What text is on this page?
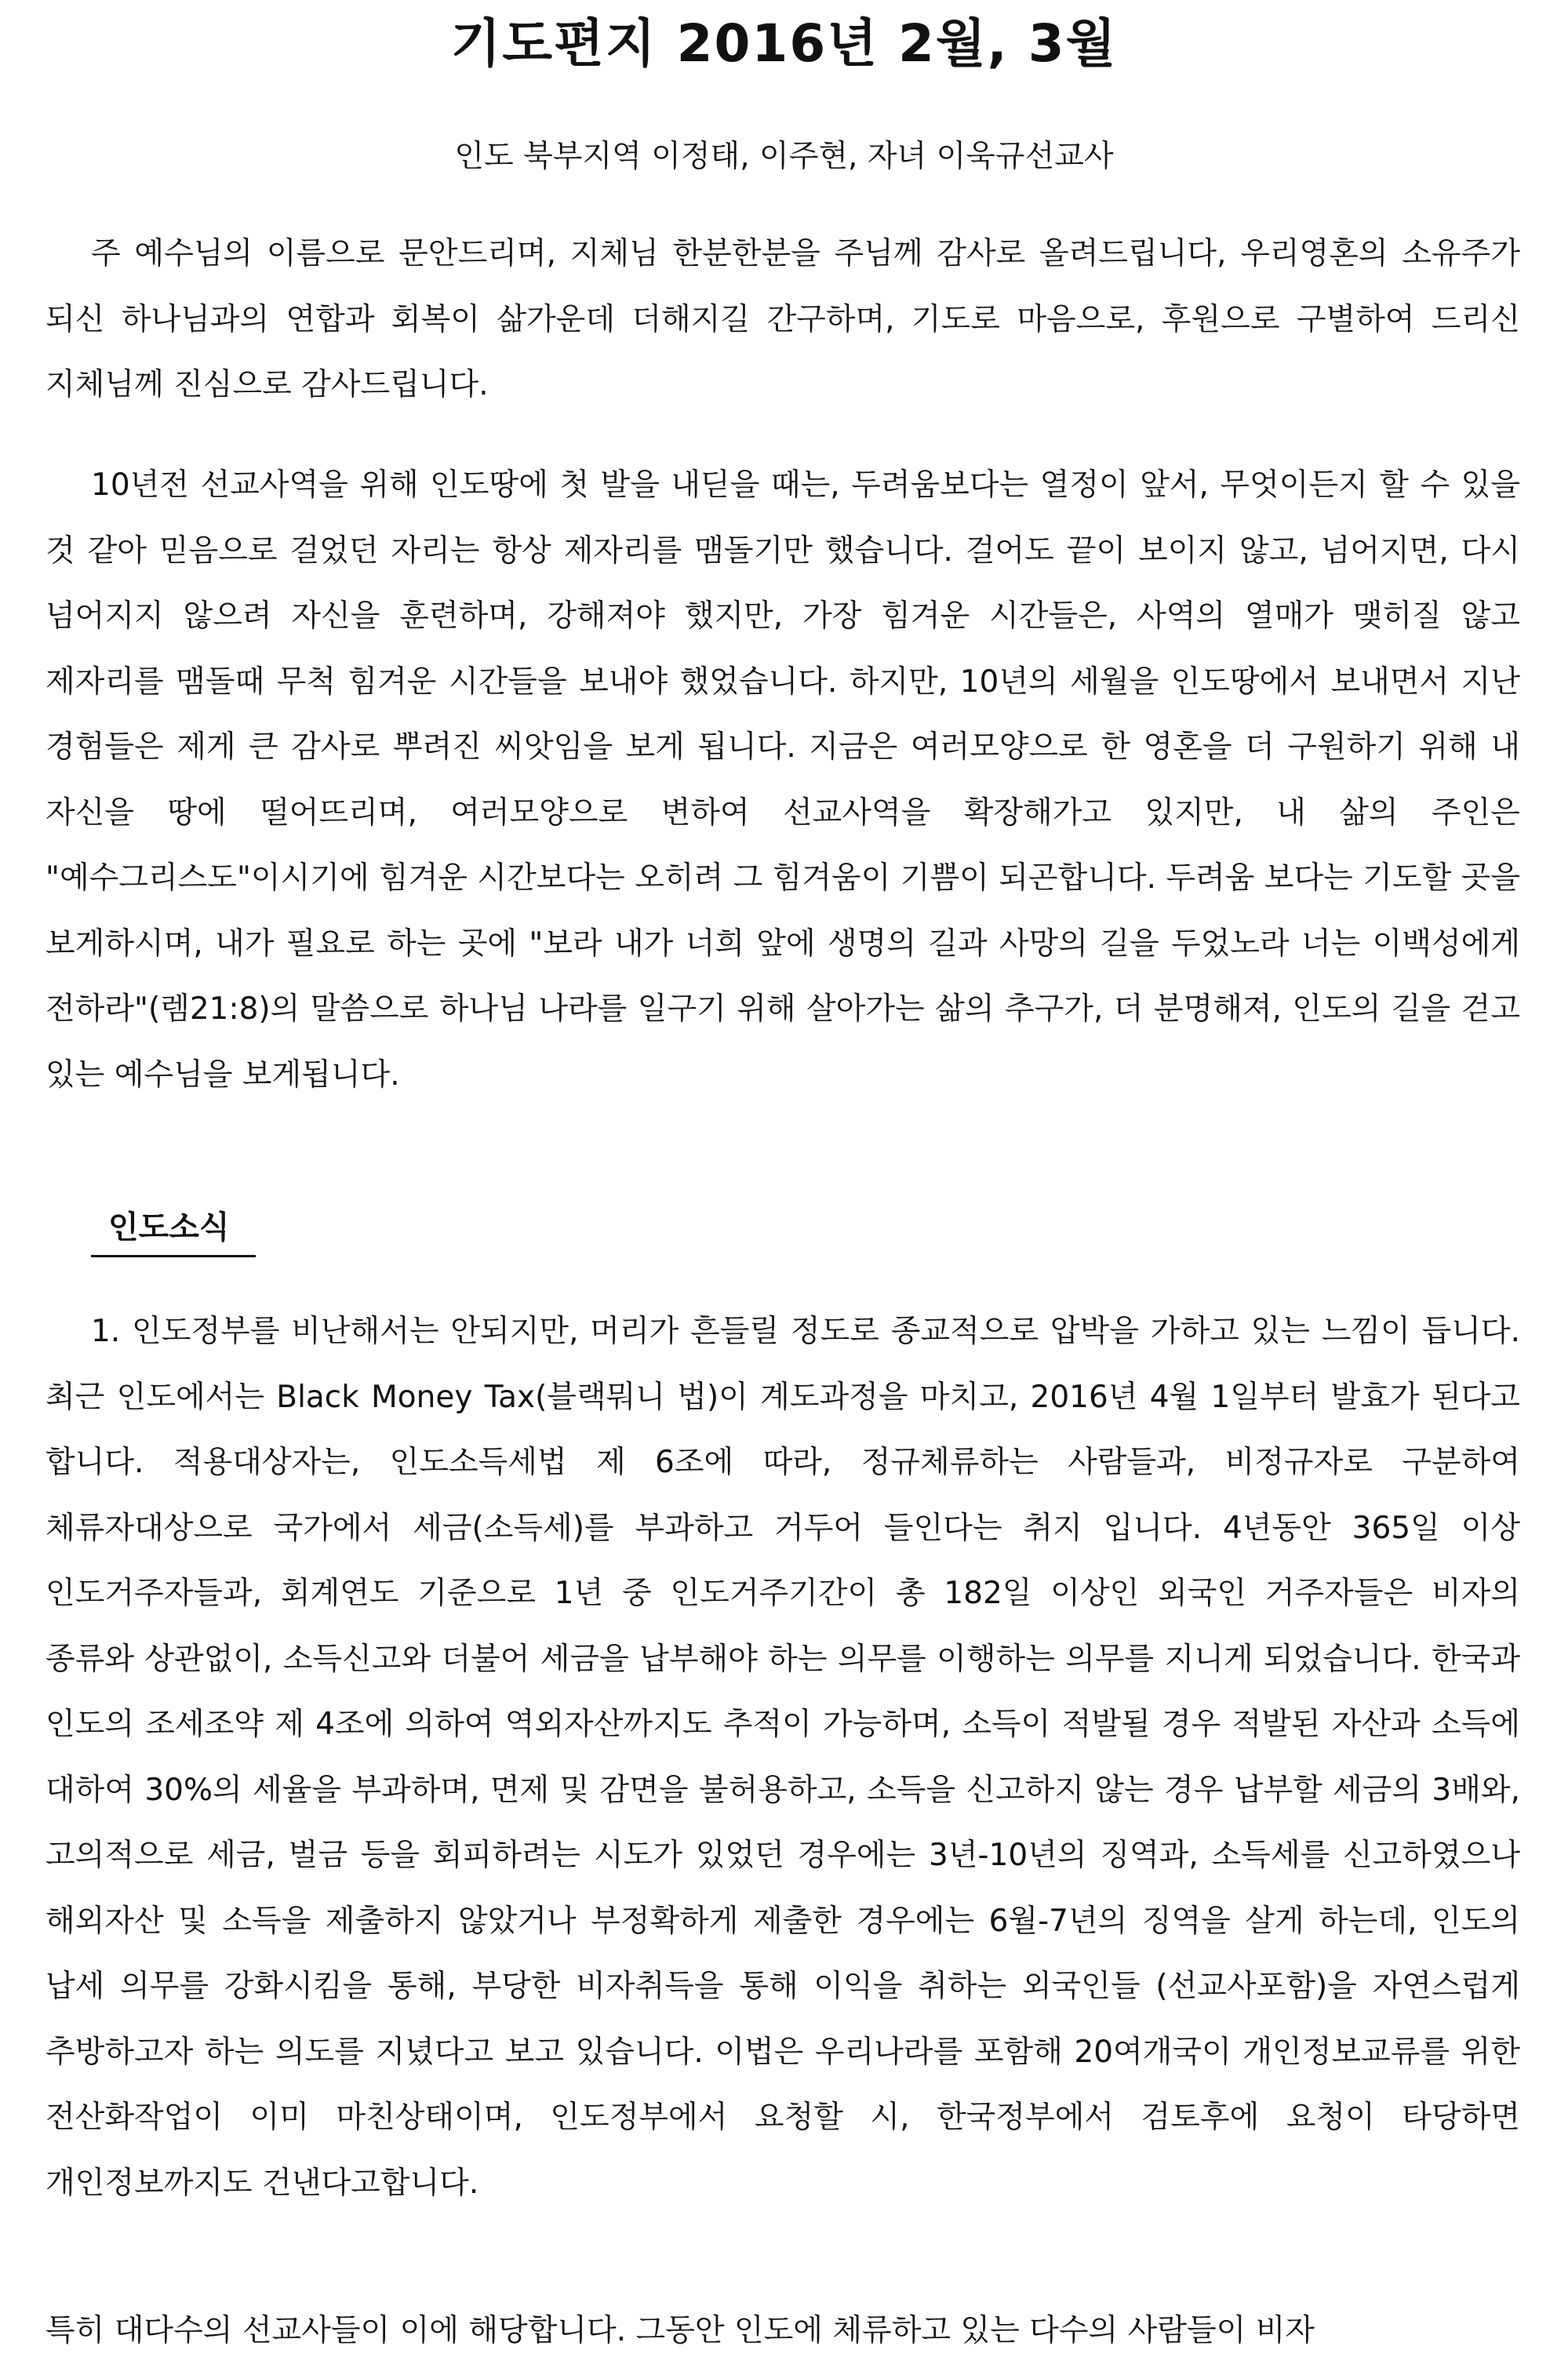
기도편지 2016년 2월, 3월

인도 북부지역 이정태, 이주현, 자녀 이욱규선교사

주 예수님의 이름으로 문안드리며, 지체님 한분한분을 주님께 감사로 올려드립니다, 우리영혼의 소유주가 되신 하나님과의 연합과 회복이 삶가운데 더해지길 간구하며, 기도로 마음으로, 후원으로 구별하여 드리신 지체님께 진심으로 감사드립니다.

10년전 선교사역을 위해 인도땅에 첫 발을 내딛을 때는, 두려움보다는 열정이 앞서, 무엇이든지 할 수 있을 것 같아 믿음으로 걸었던 자리는 항상 제자리를 맴돌기만 했습니다. 걸어도 끝이 보이지 않고, 넘어지면, 다시 넘어지지 않으려 자신을 훈련하며, 강해져야 했지만, 가장 힘겨운 시간들은, 사역의 열매가 맺히질 않고 제자리를 맴돌때 무척 힘겨운 시간들을 보내야 했었습니다. 하지만, 10년의 세월을 인도땅에서 보내면서 지난 경험들은 제게 큰 감사로 뿌려진 씨앗임을 보게 됩니다. 지금은 여러모양으로 한 영혼을 더 구원하기 위해 내 자신을 땅에 떨어뜨리며, 여러모양으로 변하여 선교사역을 확장해가고 있지만, 내 삶의 주인은 "예수그리스도"이시기에 힘겨운 시간보다는 오히려 그 힘겨움이 기쁨이 되곤합니다. 두려움 보다는 기도할 곳을 보게하시며, 내가 필요로 하는 곳에 "보라 내가 너희 앞에 생명의 길과 사망의 길을 두었노라 너는 이백성에게 전하라"(렘21:8)의 말씀으로 하나님 나라를 일구기 위해 살아가는 삶의 추구가, 더 분명해져, 인도의 길을 걷고 있는 예수님을 보게됩니다.

인도소식

1. 인도정부를 비난해서는 안되지만, 머리가 흔들릴 정도로 종교적으로 압박을 가하고 있는 느낌이 듭니다. 최근 인도에서는 Black Money Tax(블랙뭐니 법)이 계도과정을 마치고, 2016년 4월 1일부터 발효가 된다고 합니다. 적용대상자는, 인도소득세법 제 6조에 따라, 정규체류하는 사람들과, 비정규자로 구분하여 체류자대상으로 국가에서 세금(소득세)를 부과하고 거두어 들인다는 취지 입니다. 4년동안 365일 이상 인도거주자들과, 회계연도 기준으로 1년 중 인도거주기간이 총 182일 이상인 외국인 거주자들은 비자의 종류와 상관없이, 소득신고와 더불어 세금을 납부해야 하는 의무를 이행하는 의무를 지니게 되었습니다. 한국과 인도의 조세조약 제 4조에 의하여 역외자산까지도 추적이 가능하며, 소득이 적발될 경우 적발된 자산과 소득에 대하여 30%의 세율을 부과하며, 면제 및 감면을 불허용하고, 소득을 신고하지 않는 경우 납부할 세금의 3배와, 고의적으로 세금, 벌금 등을 회피하려는 시도가 있었던 경우에는 3년-10년의 징역과, 소득세를 신고하였으나 해외자산 및 소득을 제출하지 않았거나 부정확하게 제출한 경우에는 6월-7년의 징역을 살게 하는데, 인도의 납세 의무를 강화시킴을 통해, 부당한 비자취득을 통해 이익을 취하는 외국인들 (선교사포함)을 자연스럽게 추방하고자 하는 의도를 지녔다고 보고 있습니다. 이법은 우리나라를 포함해 20여개국이 개인정보교류를 위한 전산화작업이 이미 마친상태이며, 인도정부에서 요청할 시, 한국정부에서 검토후에 요청이 타당하면 개인정보까지도 건낸다고합니다.

특히 대다수의 선교사들이 이에 해당합니다. 그동안 인도에 체류하고 있는 다수의 사람들이 비자
